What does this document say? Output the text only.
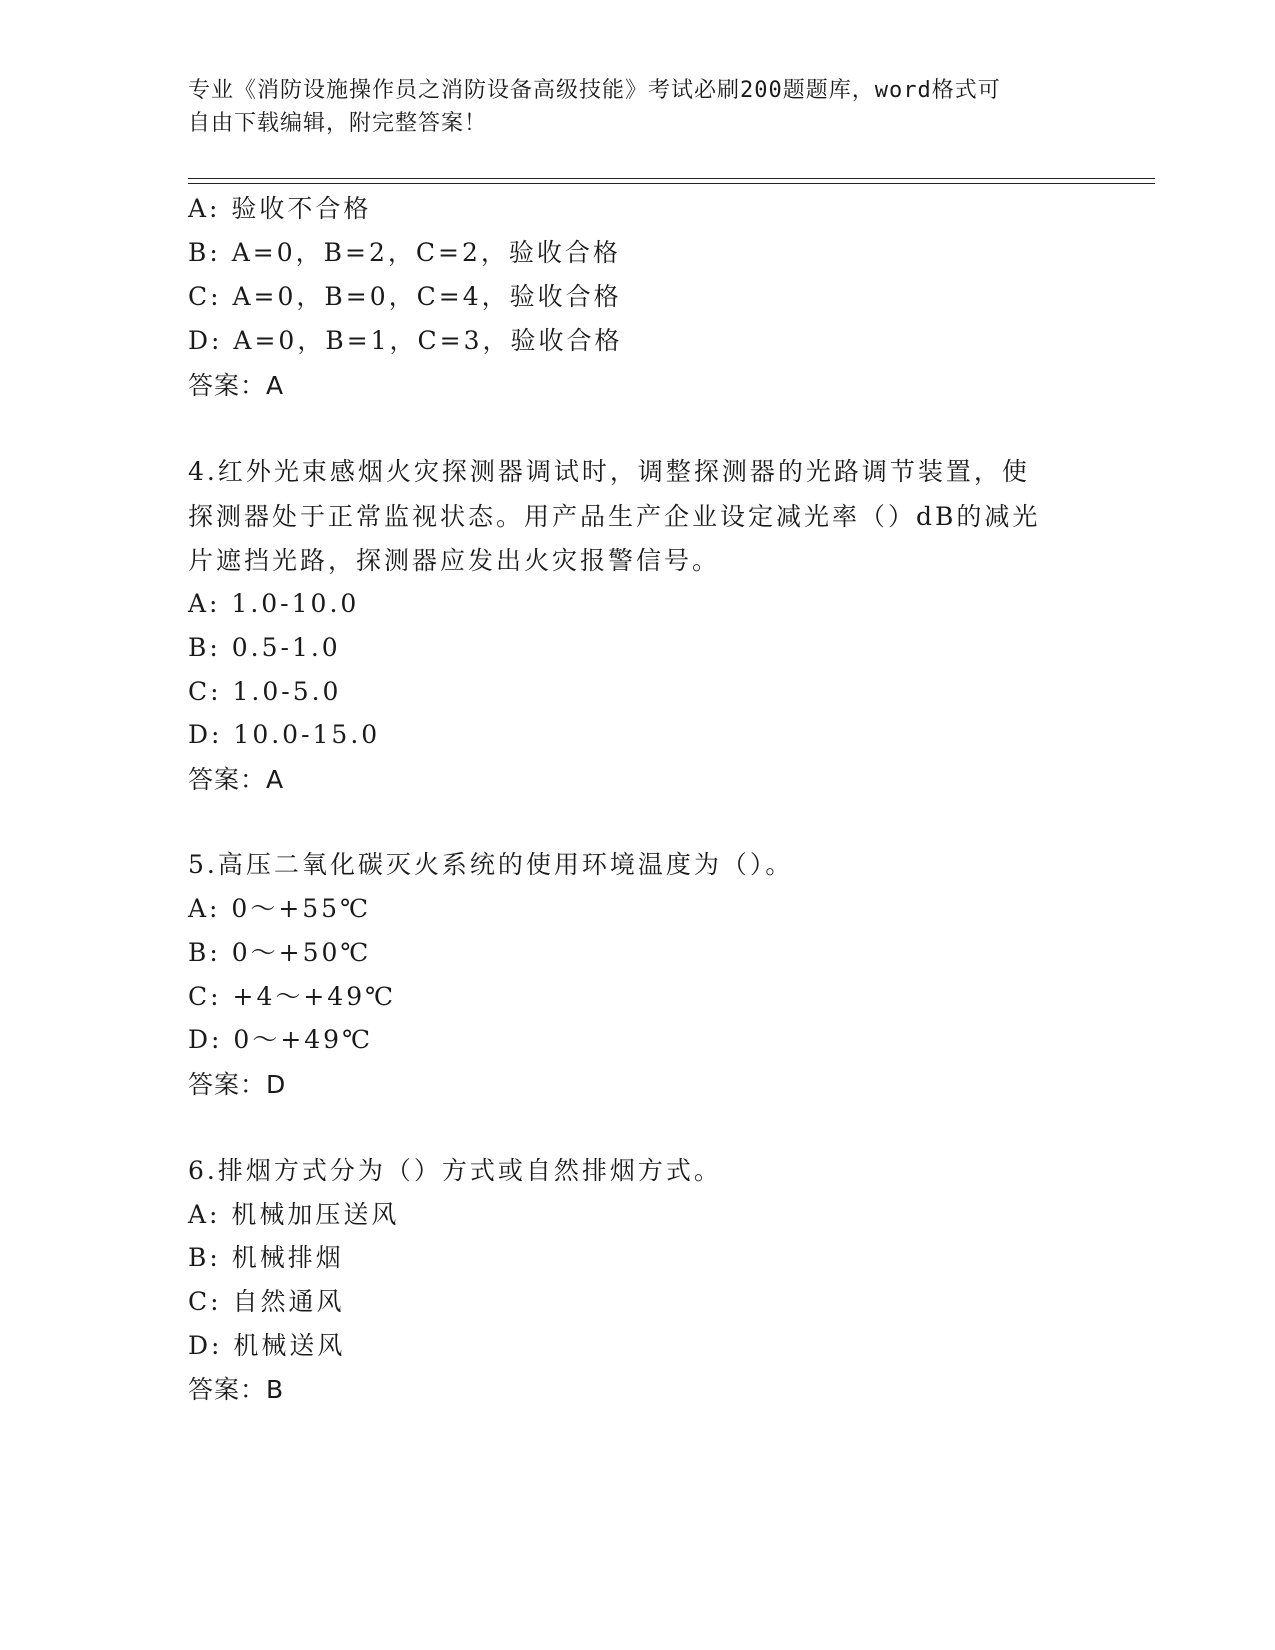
专业《消防设施操作员之消防设备高级技能》考试必刷200题题库，word格式可
自由下载编辑，附完整答案！
A: 验收不合格
B: A=0，B=2，C=2，验收合格
C: A=0，B=0，C=4，验收合格
D: A=0，B=1，C=3，验收合格
答案：A
4.红外光束感烟火灾探测器调试时，调整探测器的光路调节装置，使
探测器处于正常监视状态。用产品生产企业设定减光率（）dB的减光
片遮挡光路，探测器应发出火灾报警信号。
A: 1.0-10.0
B: 0.5-1.0
C: 1.0-5.0
D: 10.0-15.0
答案：A
5.高压二氧化碳灭火系统的使用环境温度为（）。
A: 0～+55℃
B: 0～+50℃
C: +4～+49℃
D: 0～+49℃
答案：D
6.排烟方式分为（）方式或自然排烟方式。
A: 机械加压送风
B: 机械排烟
C: 自然通风
D: 机械送风
答案：B
